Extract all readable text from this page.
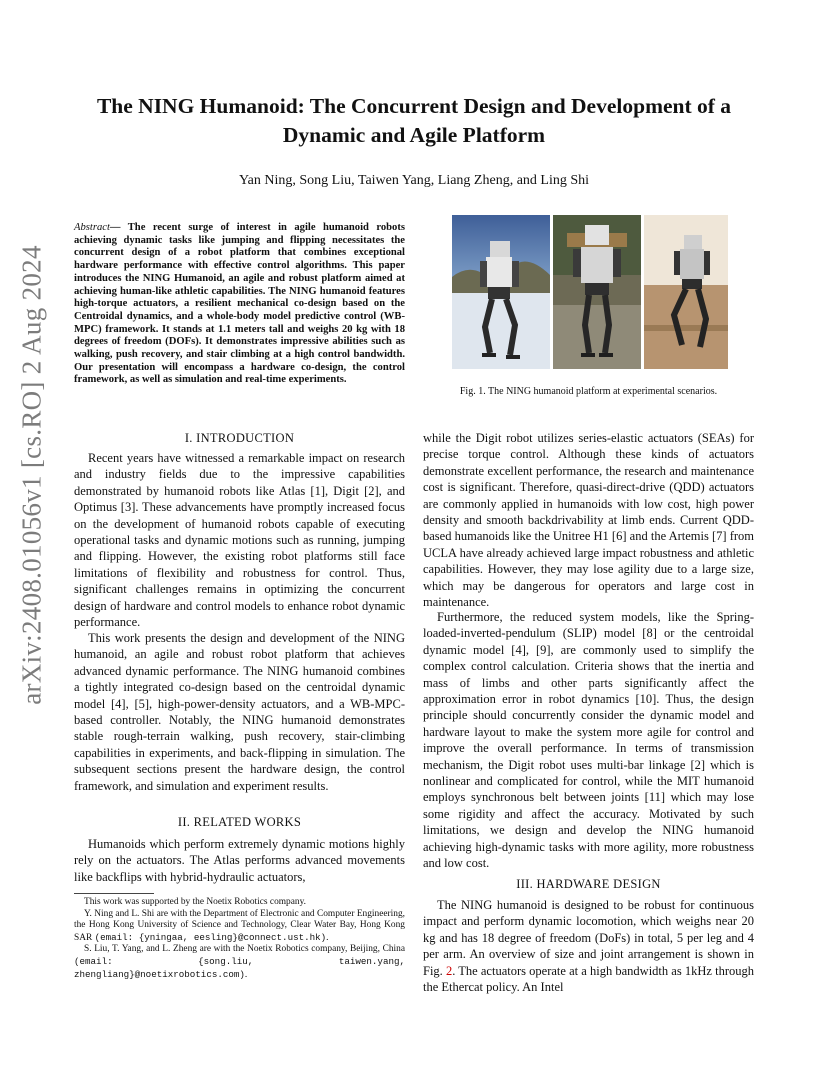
arXiv:2408.01056v1 [cs.RO] 2 Aug 2024
The NING Humanoid: The Concurrent Design and Development of a Dynamic and Agile Platform

Yan Ning, Song Liu, Taiwen Yang, Liang Zheng, and Ling Shi

Abstract— The recent surge of interest in agile humanoid robots achieving dynamic tasks like jumping and flipping necessitates the concurrent design of a robot platform that combines exceptional hardware performance with effective control algorithms. This paper introduces the NING Humanoid, an agile and robust platform aimed at achieving human-like athletic capabilities. The NING humanoid features high-torque actuators, a resilient mechanical co-design based on the Centroidal dynamics, and a whole-body model predictive control (WB-MPC) framework. It stands at 1.1 meters tall and weighs 20 kg with 18 degrees of freedom (DOFs). It demonstrates impressive abilities such as walking, push recovery, and stair climbing at a high control bandwidth. Our presentation will encompass a hardware co-design, the control framework, as well as simulation and real-time experiments.

I. INTRODUCTION

Recent years have witnessed a remarkable impact on research and industry fields due to the impressive capabilities demonstrated by humanoid robots like Atlas [1], Digit [2], and Optimus [3]. These advancements have promptly increased focus on the development of humanoid robots capable of executing operational tasks and dynamic motions such as running, jumping and flipping. However, the existing robot platforms still face limitations of flexibility and robustness for control. Thus, significant challenges remains in optimizing the concurrent design of hardware and control models to enhance robot dynamic performance.

This work presents the design and development of the NING humanoid, an agile and robust robot platform that achieves advanced dynamic performance. The NING humanoid combines a tightly integrated co-design based on the centroidal dynamic model [4], [5], high-power-density actuators, and a WB-MPC-based controller. Notably, the NING humanoid demonstrates stable rough-terrain walking, push recovery, stair-climbing capabilities in experiments, and back-flipping in simulation. The subsequent sections present the hardware design, the control framework, and simulation and experiment results.

II. RELATED WORKS

Humanoids which perform extremely dynamic motions highly rely on the actuators. The Atlas performs advanced movements like backflips with hybrid-hydraulic actuators,

This work was supported by the Noetix Robotics company.

Y. Ning and L. Shi are with the Department of Electronic and Computer Engineering, the Hong Kong University of Science and Technology, Clear Water Bay, Hong Kong SAR (email: {yningaa, eesling}@connect.ust.hk).

S. Liu, T. Yang, and L. Zheng are with the Noetix Robotics company, Beijing, China (email: {song.liu, taiwen.yang, zhengliang}@noetixrobotics.com).

Fig. 1. The NING humanoid platform at experimental scenarios.

while the Digit robot utilizes series-elastic actuators (SEAs) for precise torque control. Although these kinds of actuators demonstrate excellent performance, the research and maintenance cost is significant. Therefore, quasi-direct-drive (QDD) actuators are commonly applied in humanoids with low cost, high power density and smooth backdrivability at limb ends. Current QDD-based humanoids like the Unitree H1 [6] and the Artemis [7] from UCLA have already achieved large impact robustness and athletic capabilities. However, they may lose agility due to a large size, which may be dangerous for operators and large cost in maintenance.

Furthermore, the reduced system models, like the Spring-loaded-inverted-pendulum (SLIP) model [8] or the centroidal dynamic model [4], [9], are commonly used to simplify the complex control calculation. Criteria shows that the inertia and mass of limbs and other parts significantly affect the approximation error in robot dynamics [10]. Thus, the design principle should concurrently consider the dynamic model and hardware layout to make the system more agile for control and improve the overall performance. In terms of transmission mechanism, the Digit robot uses multi-bar linkage [2] which is nonlinear and complicated for control, while the MIT humanoid employs synchronous belt between joints [11] which may lose some rigidity and affect the accuracy. Motivated by such limitations, we design and develop the NING humanoid achieving high-dynamic tasks with more agility, more robustness and low cost.

III. HARDWARE DESIGN

The NING humanoid is designed to be robust for continuous impact and perform dynamic locomotion, which weighs near 20 kg and has 18 degree of freedom (DoFs) in total, 5 per leg and 4 per arm. An overview of size and joint arrangement is shown in Fig. 2. The actuators operate at a high bandwidth as 1kHz through the Ethercat policy. An Intel
